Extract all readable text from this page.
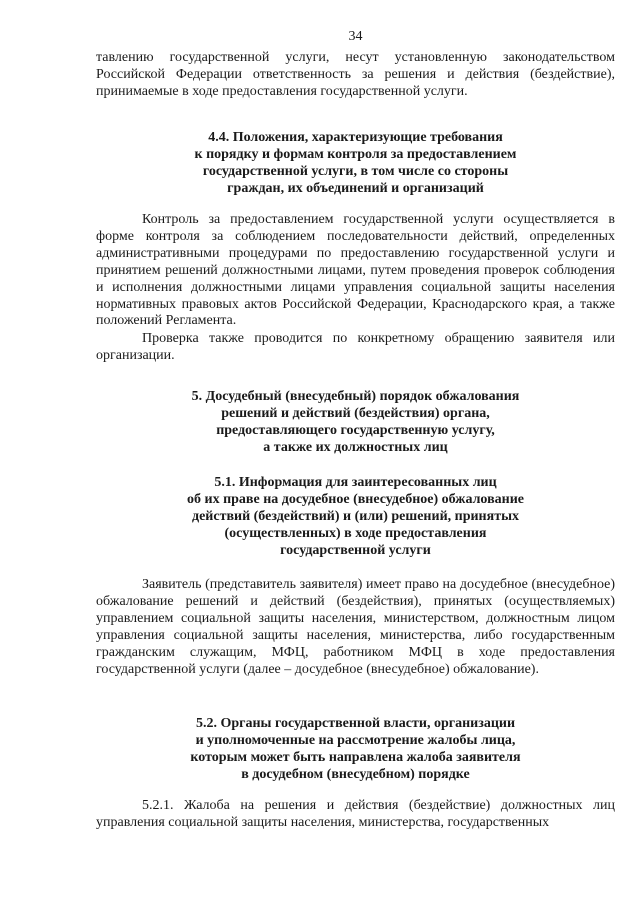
34

тавлению государственной услуги, несут установленную законодательством Российской Федерации ответственность за решения и действия (бездействие), принимаемые в ходе предоставления государственной услуги.

4.4. Положения, характеризующие требования
к порядку и формам контроля за предоставлением
государственной услуги, в том числе со стороны
граждан, их объединений и организаций

Контроль за предоставлением государственной услуги осуществляется в форме контроля за соблюдением последовательности действий, определенных административными процедурами по предоставлению государственной услуги и принятием решений должностными лицами, путем проведения проверок соблюдения и исполнения должностными лицами управления социальной защиты населения нормативных правовых актов Российской Федерации, Краснодарского края, а также положений Регламента.

Проверка также проводится по конкретному обращению заявителя или организации.

5. Досудебный (внесудебный) порядок обжалования
решений и действий (бездействия) органа,
предоставляющего государственную услугу,
а также их должностных лиц
5.1. Информация для заинтересованных лиц
об их праве на досудебное (внесудебное) обжалование
действий (бездействий) и (или) решений, принятых
(осуществленных) в ходе предоставления
государственной услуги

Заявитель (представитель заявителя) имеет право на досудебное (внесудебное) обжалование решений и действий (бездействия), принятых (осуществляемых) управлением социальной защиты населения, министерством, должностным лицом управления социальной защиты населения, министерства, либо государственным гражданским служащим, МФЦ, работником МФЦ в ходе предоставления государственной услуги (далее – досудебное (внесудебное) обжалование).

5.2. Органы государственной власти, организации
и уполномоченные на рассмотрение жалобы лица,
которым может быть направлена жалоба заявителя
в досудебном (внесудебном) порядке

5.2.1. Жалоба на решения и действия (бездействие) должностных лиц управления социальной защиты населения, министерства, государственных
